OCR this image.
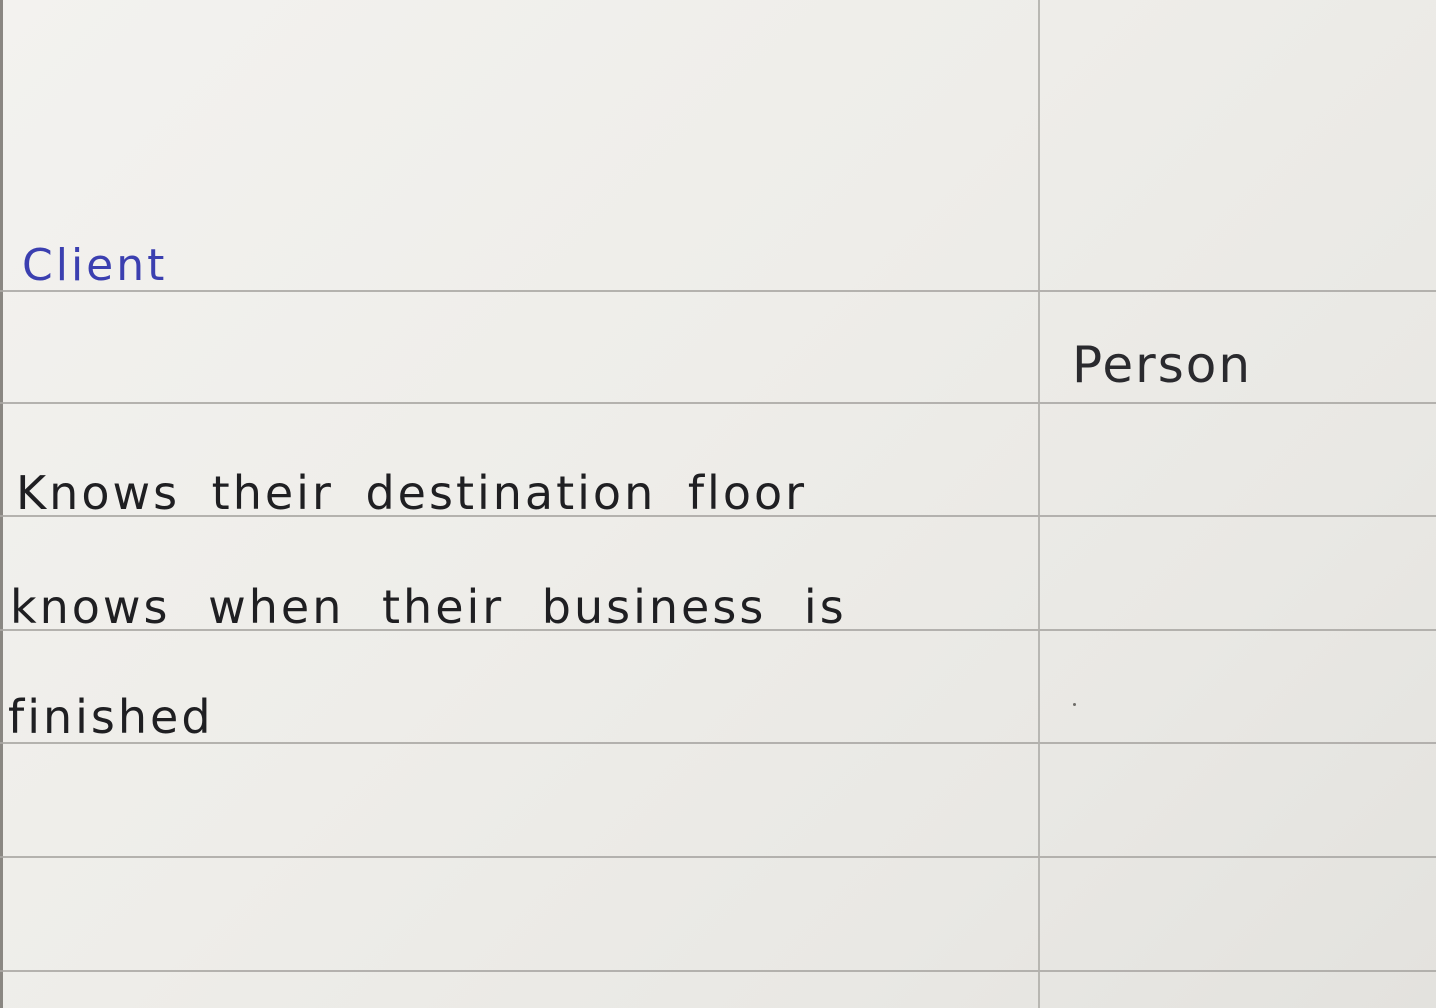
Client
Person
Knows their destination floor
knows when their business is
finished
